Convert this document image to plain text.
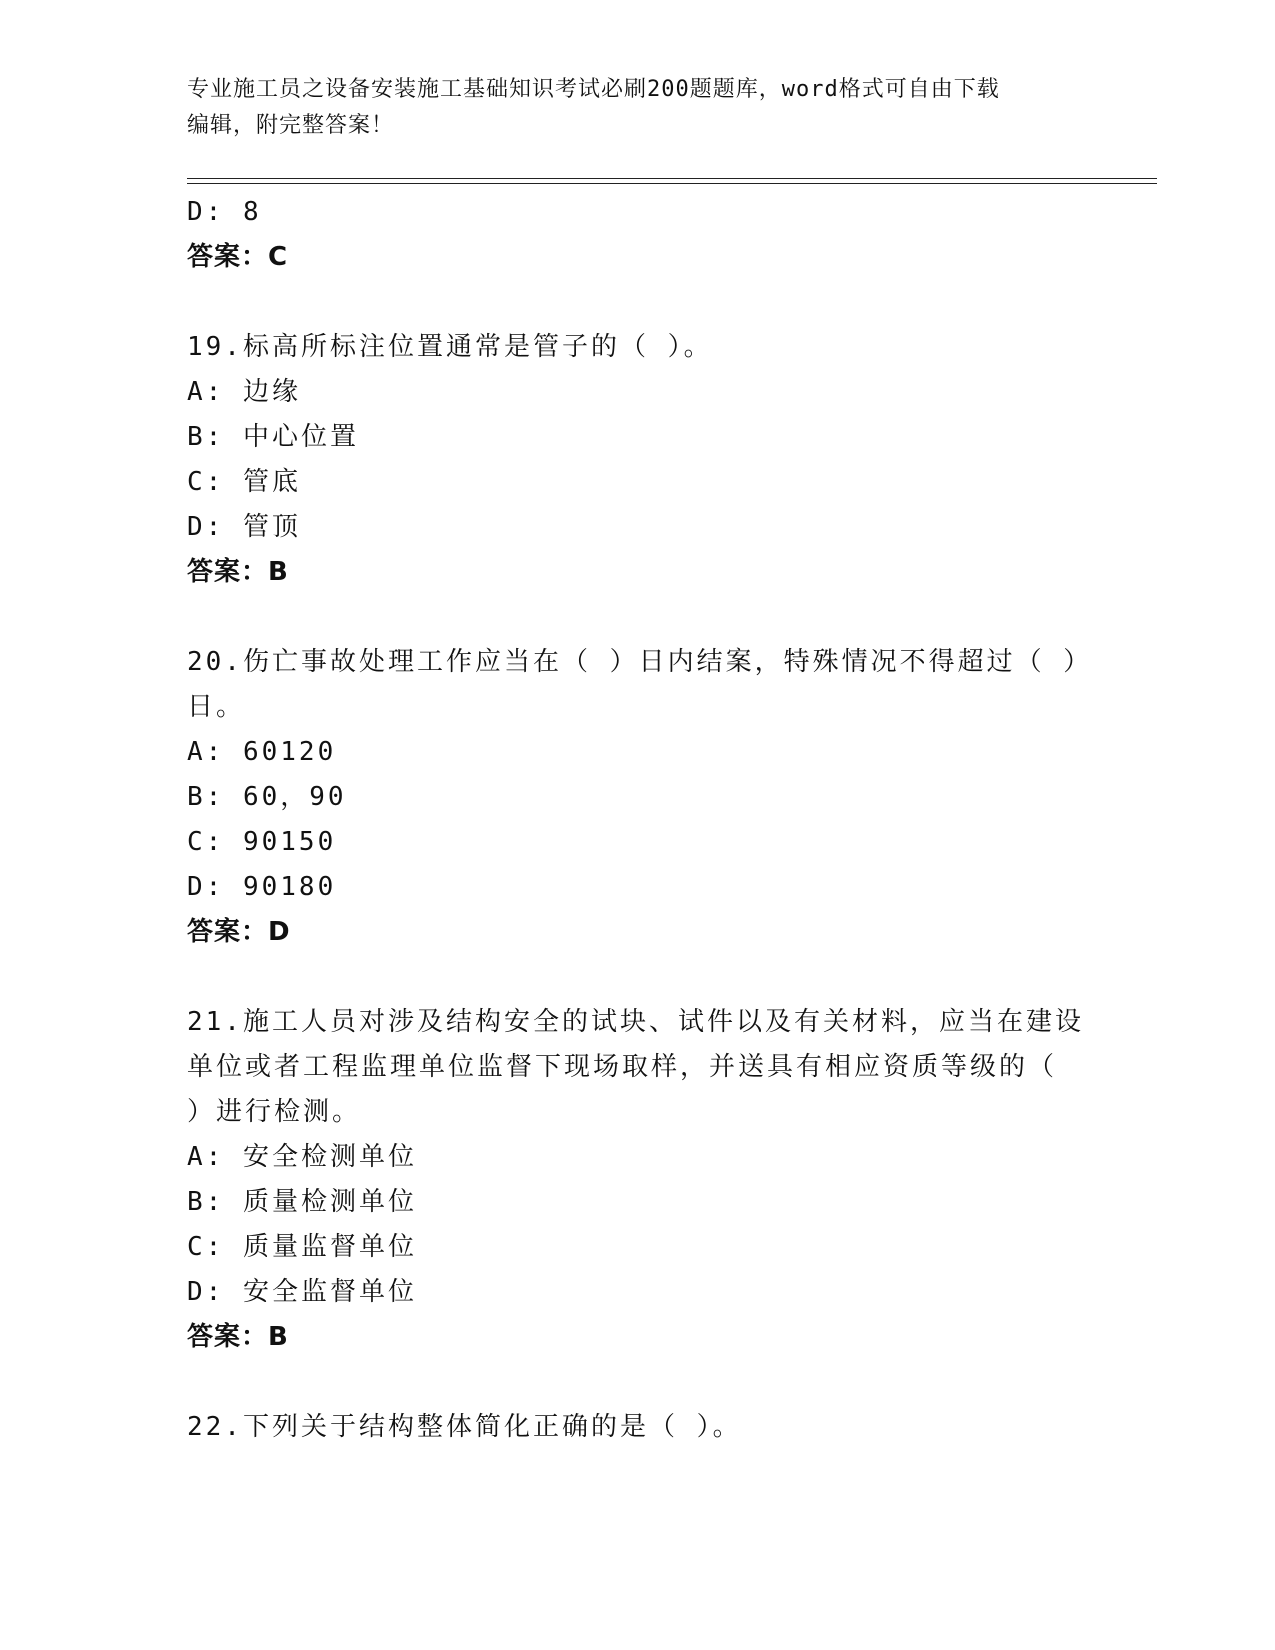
专业施工员之设备安装施工基础知识考试必刷200题题库，word格式可自由下载
编辑，附完整答案！
D: 8
答案：C
19.标高所标注位置通常是管子的（ ）。
A: 边缘
B: 中心位置
C: 管底
D: 管顶
答案：B
20.伤亡事故处理工作应当在（ ）日内结案，特殊情况不得超过（ ）
日。
A: 60120
B: 60，90
C: 90150
D: 90180
答案：D
21.施工人员对涉及结构安全的试块、试件以及有关材料，应当在建设
单位或者工程监理单位监督下现场取样，并送具有相应资质等级的（
）进行检测。
A: 安全检测单位
B: 质量检测单位
C: 质量监督单位
D: 安全监督单位
答案：B
22.下列关于结构整体简化正确的是（ ）。
